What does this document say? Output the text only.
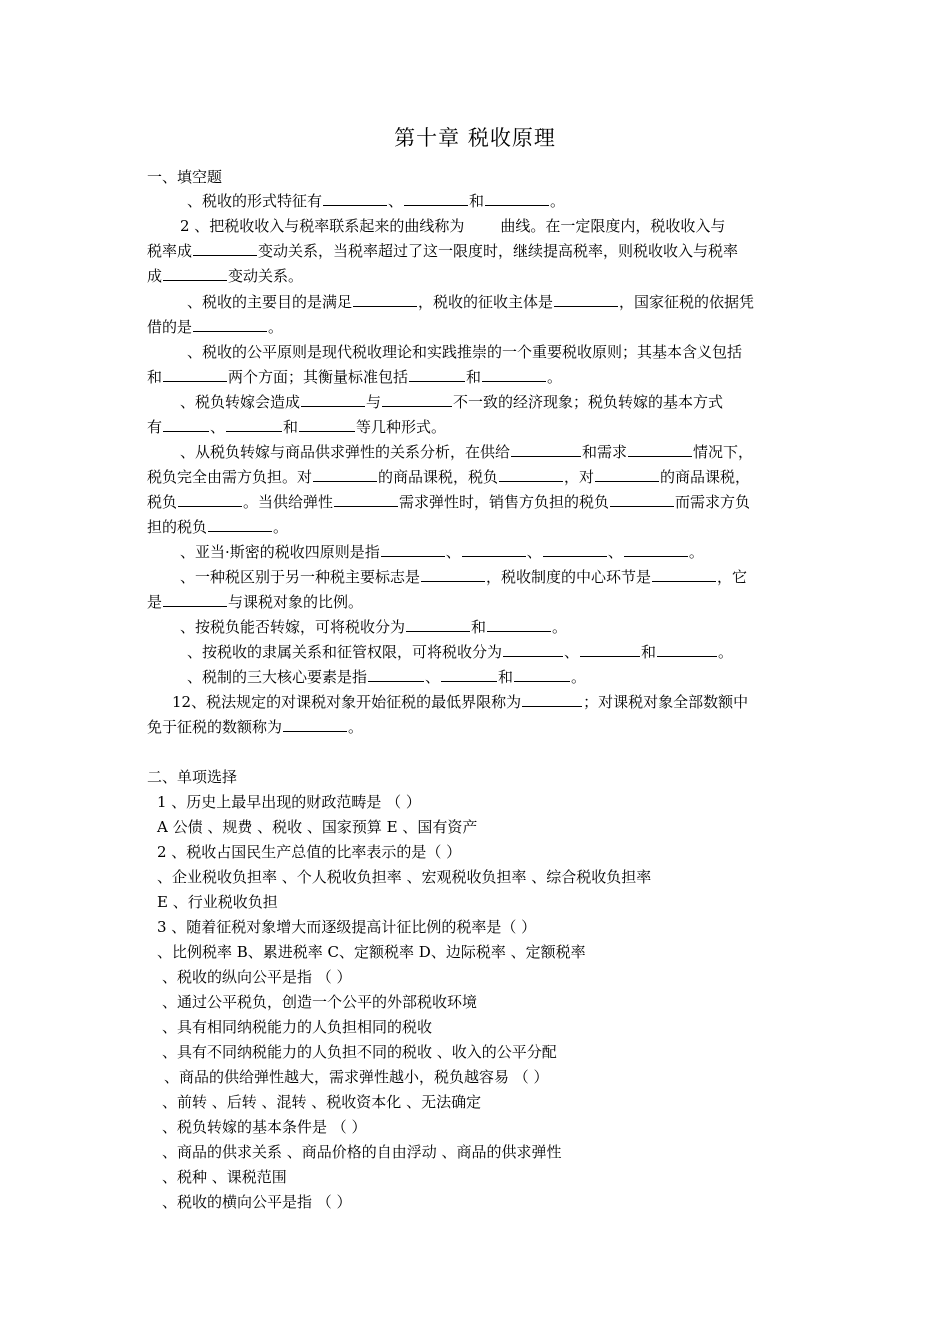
第十章 税收原理
一、填空题
、税收的形式特征有	、	和	。
2 、把税收收入与税率联系起来的曲线称为 曲线。在一定限度内，税收收入与
税率成	变动关系，当税率超过了这一限度时，继续提高税率，则税收收入与税率
成	变动关系。
、税收的主要目的是满足	，税收的征收主体是	，国家征税的依据凭
借的是	。
、税收的公平原则是现代税收理论和实践推崇的一个重要税收原则；其基本含义包括
和	两个方面；其衡量标准包括	和	。
、税负转嫁会造成	与	不一致的经济现象；税负转嫁的基本方式
有	、	和	等几种形式。
、从税负转嫁与商品供求弹性的关系分析，在供给	和需求	情况下，
税负完全由需方负担。对	的商品课税，税负	，对	的商品课税，
税负	。当供给弹性	需求弹性时，销售方负担的税负	而需求方负
担的税负	。
、亚当·斯密的税收四原则是指	、	、	、	。
、一种税区别于另一种税主要标志是	，税收制度的中心环节是	，它
是	与课税对象的比例。
、按税负能否转嫁，可将税收分为	和	。
、按税收的隶属关系和征管权限，可将税收分为	、	和	。
、税制的三大核心要素是指	、	和	。
12、税法规定的对课税对象开始征税的最低界限称为	；对课税对象全部数额中
免于征税的数额称为	。
二、单项选择
1 、历史上最早出现的财政范畴是 （ ）
A 公债 、规费 、税收 、国家预算 E 、国有资产
2 、税收占国民生产总值的比率表示的是（ ）
、企业税收负担率 、个人税收负担率 、宏观税收负担率 、综合税收负担率
E 、行业税收负担
3 、随着征税对象增大而逐级提高计征比例的税率是（ ）
、比例税率 B、累进税率 C、定额税率 D、边际税率 、定额税率
、税收的纵向公平是指 （ ）
、通过公平税负，创造一个公平的外部税收环境
、具有相同纳税能力的人负担相同的税收
、具有不同纳税能力的人负担不同的税收 、收入的公平分配
、商品的供给弹性越大，需求弹性越小，税负越容易 （ ）
、前转 、后转 、混转 、税收资本化 、无法确定
、税负转嫁的基本条件是 （ ）
、商品的供求关系 、商品价格的自由浮动 、商品的供求弹性
、税种 、课税范围
、税收的横向公平是指 （ ）
